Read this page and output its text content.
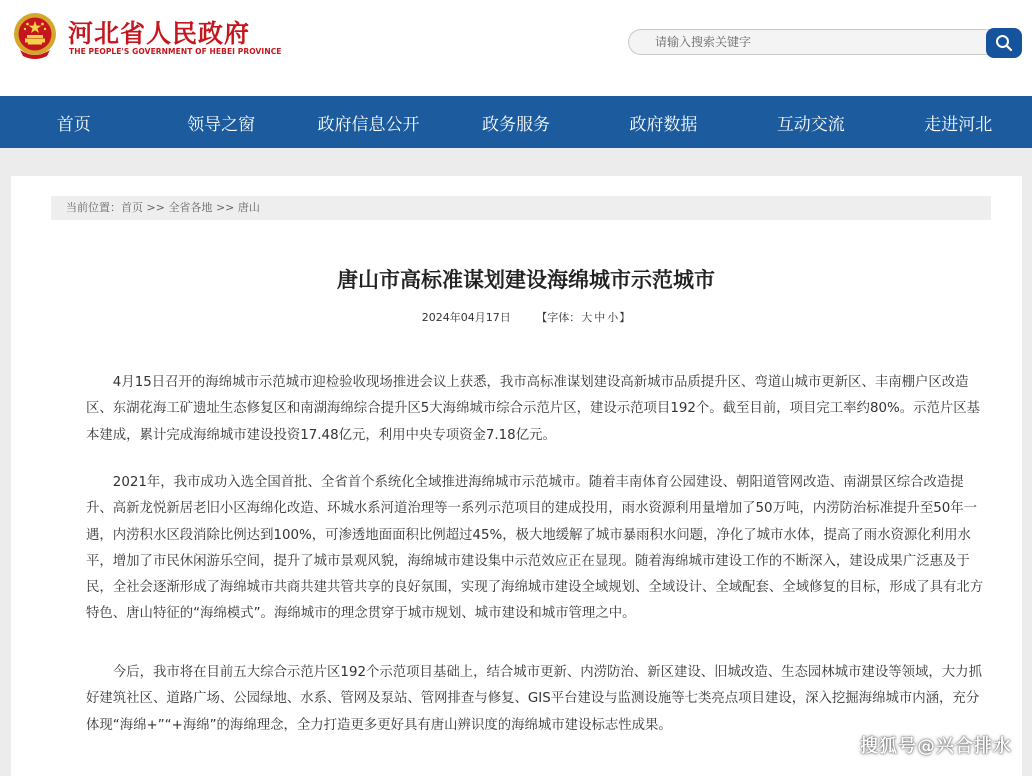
河北省人民政府
THE PEOPLE'S GOVERNMENT OF HEBEI PROVINCE
请输入搜索关键字
首页	领导之窗	政府信息公开	政务服务	政府数据	互动交流	走进河北
当前位置：首页 >> 全省各地 >> 唐山
唐山市高标准谋划建设海绵城市示范城市
2024年04月17日 【字体：大 中 小】

4月15日召开的海绵城市示范城市迎检验收现场推进会议上获悉，我市高标准谋划建设高新城市品质提升区、弯道山城市更新区、丰南棚户区改造区、东湖花海工矿遗址生态修复区和南湖海绵综合提升区5大海绵城市综合示范片区，建设示范项目192个。截至目前，项目完工率约80%。示范片区基本建成，累计完成海绵城市建设投资17.48亿元，利用中央专项资金7.18亿元。

2021年，我市成功入选全国首批、全省首个系统化全域推进海绵城市示范城市。随着丰南体育公园建设、朝阳道管网改造、南湖景区综合改造提升、高新龙悦新居老旧小区海绵化改造、环城水系河道治理等一系列示范项目的建成投用，雨水资源利用量增加了50万吨，内涝防治标准提升至50年一遇，内涝积水区段消除比例达到100%，可渗透地面面积比例超过45%，极大地缓解了城市暴雨积水问题，净化了城市水体，提高了雨水资源化利用水平，增加了市民休闲游乐空间，提升了城市景观风貌，海绵城市建设集中示范效应正在显现。随着海绵城市建设工作的不断深入，建设成果广泛惠及于民，全社会逐渐形成了海绵城市共商共建共管共享的良好氛围，实现了海绵城市建设全域规划、全域设计、全域配套、全域修复的目标，形成了具有北方特色、唐山特征的“海绵模式”。海绵城市的理念贯穿于城市规划、城市建设和城市管理之中。

今后，我市将在目前五大综合示范片区192个示范项目基础上，结合城市更新、内涝防治、新区建设、旧城改造、生态园林城市建设等领域，大力抓好建筑社区、道路广场、公园绿地、水系、管网及泵站、管网排查与修复、GIS平台建设与监测设施等七类亮点项目建设，深入挖掘海绵城市内涵，充分体现“海绵+”“+海绵”的海绵理念，全力打造更多更好具有唐山辨识度的海绵城市建设标志性成果。

搜狐号@兴合排水
